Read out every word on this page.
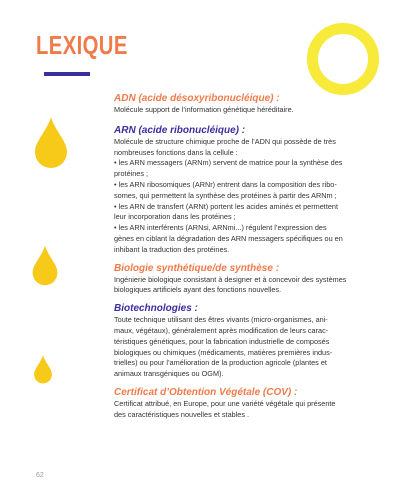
LEXIQUE

ADN (acide désoxyribonucléique) :

Molécule support de l’information génétique héréditaire.

ARN (acide ribonucléique) :

Molécule de structure chimique proche de l’ADN qui possède de très
nombreuses fonctions dans la cellule :
• les ARN messagers (ARNm) servent de matrice pour la synthèse des
protéines ;
• les ARN ribosomiques (ARNr) entrent dans la composition des ribo-
somes, qui permettent la synthèse des protéines à partir des ARNm ;
• les ARN de transfert (ARNt) portent les acides aminés et permettent
leur incorporation dans les protéines ;
• les ARN interférents (ARNsi, ARNmi...) régulent l’expression des
gènes en ciblant la dégradation des ARN messagers spécifiques ou en
inhibant la traduction des protéines.

Biologie synthétique/de synthèse :

Ingénierie biologique consistant à designer et à concevoir des systèmes
biologiques artificiels ayant des fonctions nouvelles.

Biotechnologies :

Toute technique utilisant des êtres vivants (micro-organismes, ani-
maux, végétaux), généralement après modification de leurs carac-
téristiques génétiques, pour la fabrication industrielle de composés
biologiques ou chimiques (médicaments, matières premières indus-
trielles) ou pour l’amélioration de la production agricole (plantes et
animaux transgéniques ou OGM).

Certificat d’Obtention Végétale (COV) :

Certificat attribué, en Europe, pour une variété végétale qui présente
des caractéristiques nouvelles et stables .

62
